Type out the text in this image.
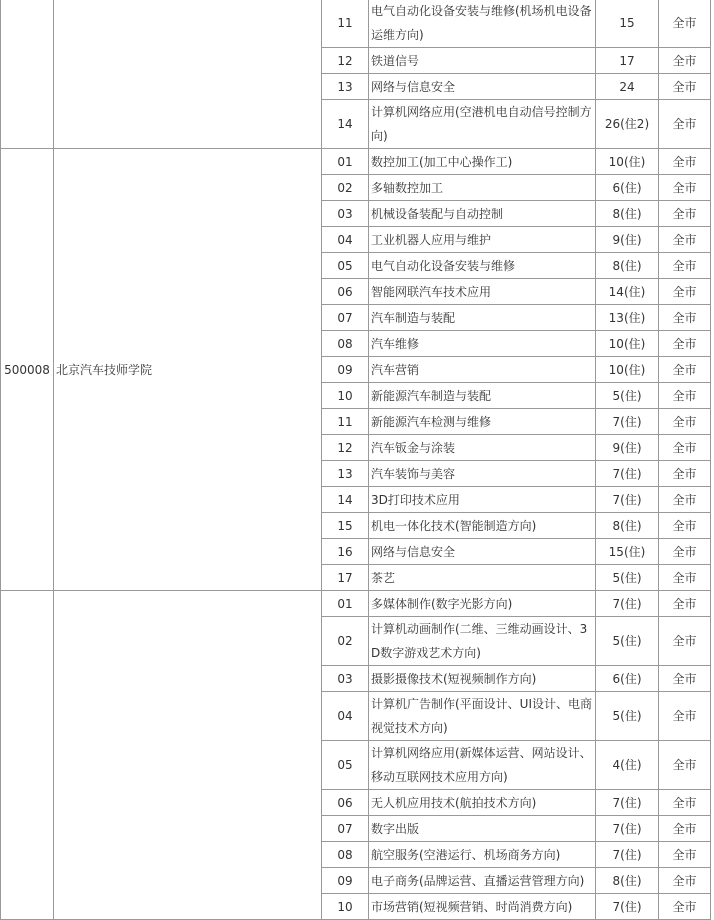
		11	电气自动化设备安装与维修(机场机电设备运维方向)	15	全市
		12	铁道信号	17	全市
		13	网络与信息安全	24	全市
		14	计算机网络应用(空港机电自动信号控制方向)	26(住2)	全市
500008	北京汽车技师学院	01	数控加工(加工中心操作工)	10(住)	全市
		02	多轴数控加工	6(住)	全市
		03	机械设备装配与自动控制	8(住)	全市
		04	工业机器人应用与维护	9(住)	全市
		05	电气自动化设备安装与维修	8(住)	全市
		06	智能网联汽车技术应用	14(住)	全市
		07	汽车制造与装配	13(住)	全市
		08	汽车维修	10(住)	全市
		09	汽车营销	10(住)	全市
		10	新能源汽车制造与装配	5(住)	全市
		11	新能源汽车检测与维修	7(住)	全市
		12	汽车钣金与涂装	9(住)	全市
		13	汽车装饰与美容	7(住)	全市
		14	3D打印技术应用	7(住)	全市
		15	机电一体化技术(智能制造方向)	8(住)	全市
		16	网络与信息安全	15(住)	全市
		17	茶艺	5(住)	全市
		01	多媒体制作(数字光影方向)	7(住)	全市
		02	计算机动画制作(二维、三维动画设计、3D数字游戏艺术方向)	5(住)	全市
		03	摄影摄像技术(短视频制作方向)	6(住)	全市
		04	计算机广告制作(平面设计、UI设计、电商视觉技术方向)	5(住)	全市
		05	计算机网络应用(新媒体运营、网站设计、移动互联网技术应用方向)	4(住)	全市
		06	无人机应用技术(航拍技术方向)	7(住)	全市
		07	数字出版	7(住)	全市
		08	航空服务(空港运行、机场商务方向)	7(住)	全市
		09	电子商务(品牌运营、直播运营管理方向)	8(住)	全市
		10	市场营销(短视频营销、时尚消费方向)	7(住)	全市
